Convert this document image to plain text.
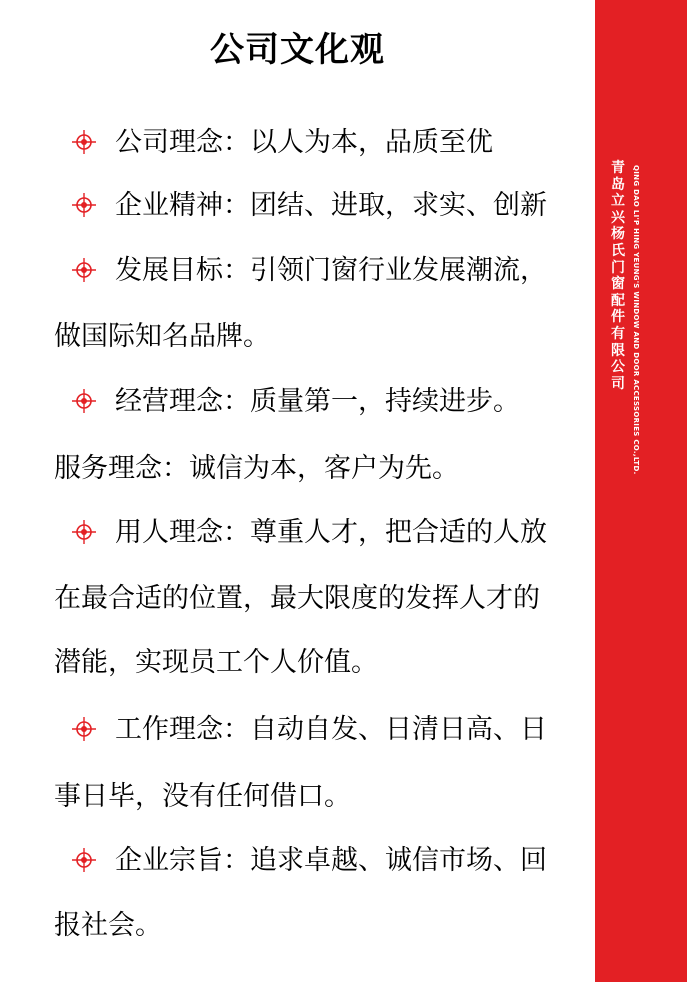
公司文化观
青岛立兴杨氏门窗配件有限公司 QING DAO LI'P HING YEUNG'S WINDOW AND DOOR ACCESSORIES CO.,LTD.
公司理念：以人为本，品质至优
企业精神：团结、进取，求实、创新
发展目标：引领门窗行业发展潮流，
做国际知名品牌。
经营理念：质量第一，持续进步。
服务理念：诚信为本，客户为先。
用人理念：尊重人才，把合适的人放
在最合适的位置，最大限度的发挥人才的
潜能，实现员工个人价值。
工作理念：自动自发、日清日高、日
事日毕，没有任何借口。
企业宗旨：追求卓越、诚信市场、回
报社会。
